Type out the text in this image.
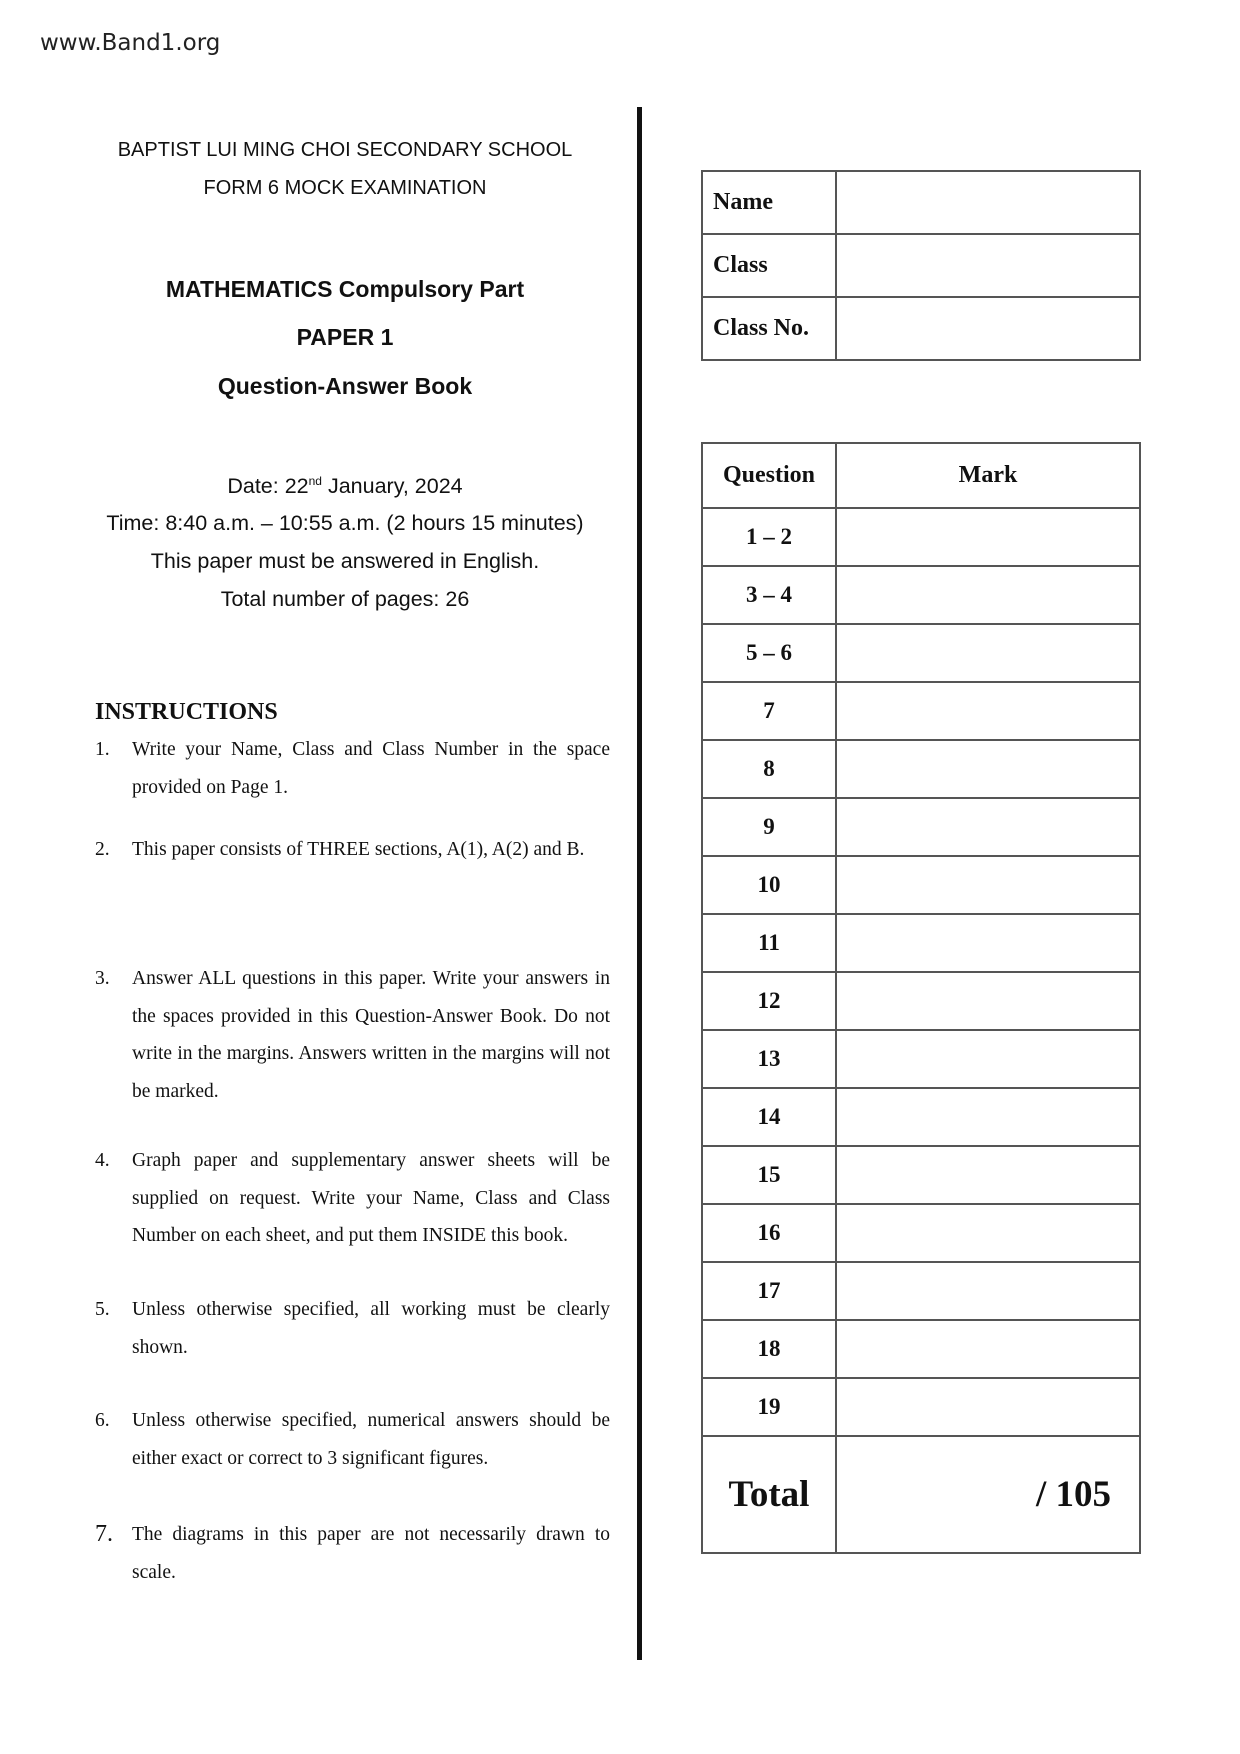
www.Band1.org
BAPTIST LUI MING CHOI SECONDARY SCHOOL
FORM 6 MOCK EXAMINATION
MATHEMATICS Compulsory Part
PAPER 1
Question-Answer Book
Date: 22nd January, 2024
Time: 8:40 a.m. – 10:55 a.m. (2 hours 15 minutes)
This paper must be answered in English.
Total number of pages: 26
INSTRUCTIONS
1. Write your Name, Class and Class Number in the space provided on Page 1.
2. This paper consists of THREE sections, A(1), A(2) and B.
3. Answer ALL questions in this paper. Write your answers in the spaces provided in this Question-Answer Book. Do not write in the margins. Answers written in the margins will not be marked.
4. Graph paper and supplementary answer sheets will be supplied on request. Write your Name, Class and Class Number on each sheet, and put them INSIDE this book.
5. Unless otherwise specified, all working must be clearly shown.
6. Unless otherwise specified, numerical answers should be either exact or correct to 3 significant figures.
7. The diagrams in this paper are not necessarily drawn to scale.
Name	
Class	
Class No.	
Question	Mark
1 – 2	
3 – 4	
5 – 6	
7	
8	
9	
10	
11	
12	
13	
14	
15	
16	
17	
18	
19	
Total	/ 105
